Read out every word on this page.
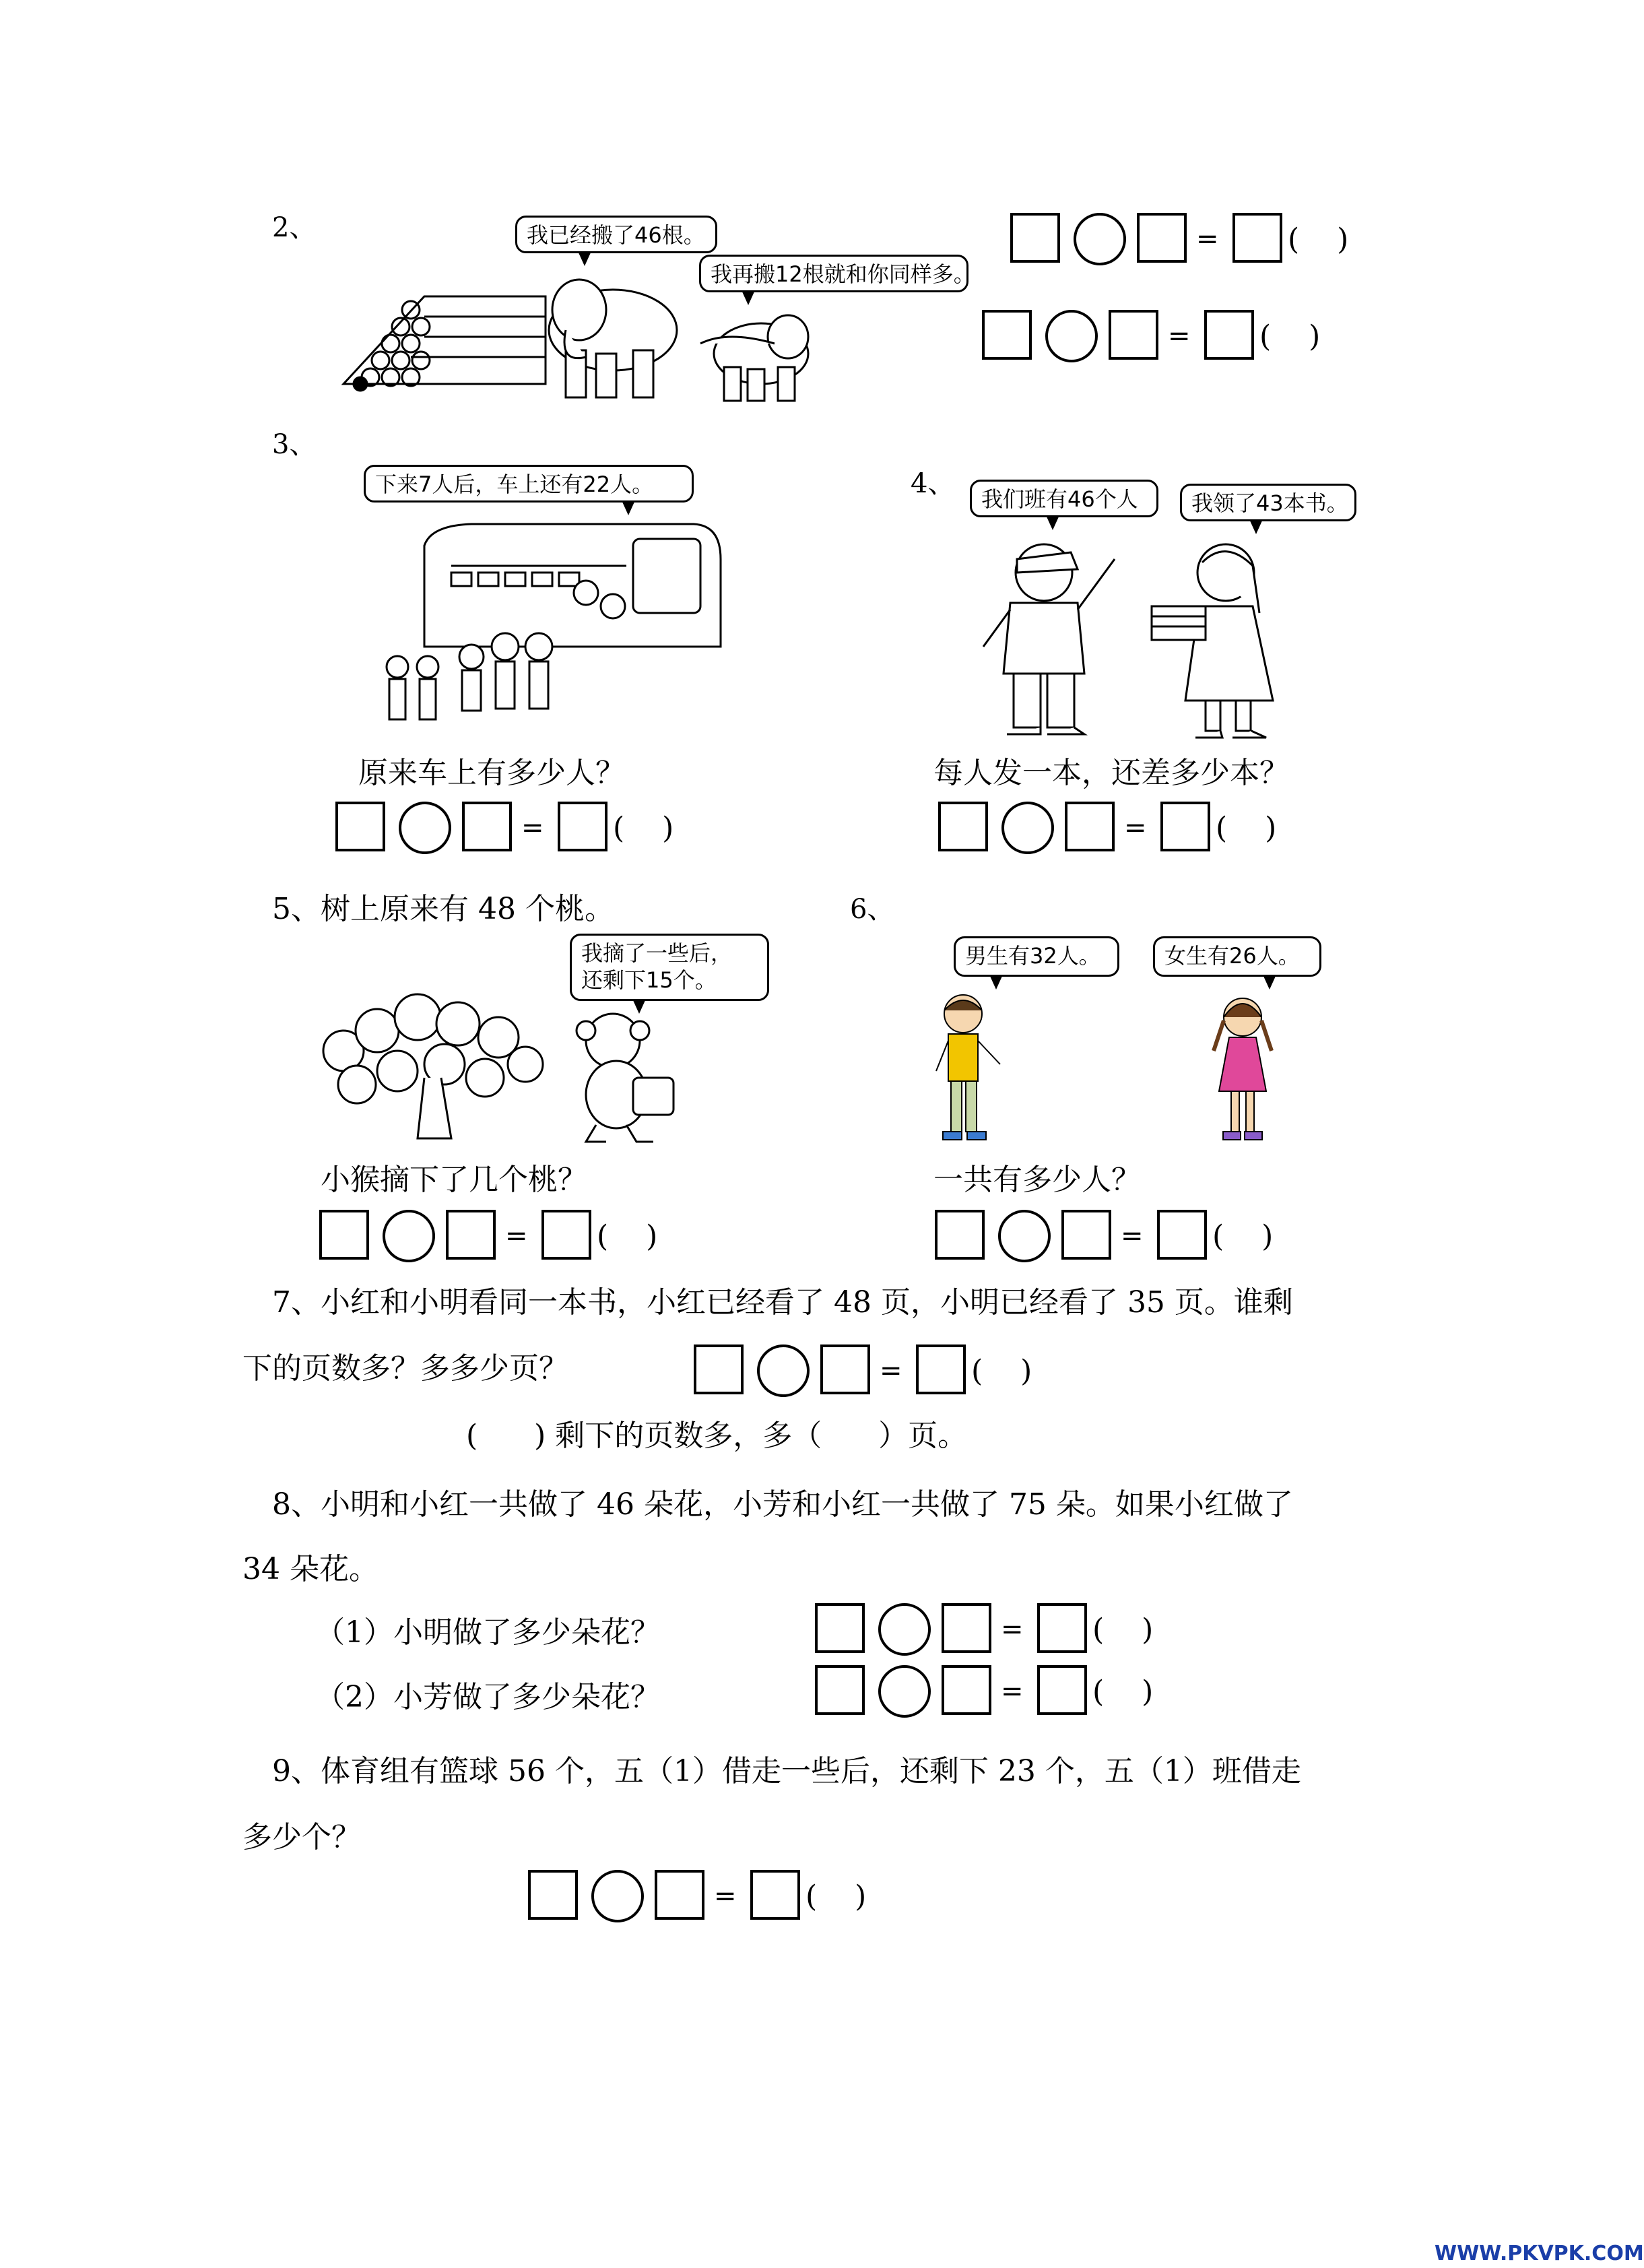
2、	我已经搬了46根。
我再搬12根就和你同样多。
= (    )
= (    )
3、
下来7人后，车上还有22人。
原来车上有多少人？
= (    )
4、	我们班有46个人	我领了43本书。
每人发一本，还差多少本？
= (    )
5、树上原来有 48 个桃。
我摘了一些后，
还剩下15个。
小猴摘下了几个桃？
= (    )
6、
男生有32人。	女生有26人。
一共有多少人？
= (    )
7、小红和小明看同一本书，小红已经看了 48 页，小明已经看了 35 页。谁剩
下的页数多？多多少页？	= (    )
(      ) 剩下的页数多，多（      ）页。
8、小明和小红一共做了 46 朵花，小芳和小红一共做了 75 朵。如果小红做了
34 朵花。
（1）小明做了多少朵花？
（2）小芳做了多少朵花？
= (    )
= (    )
9、体育组有篮球 56 个，五（1）借走一些后，还剩下 23 个，五（1）班借走
多少个？
= (    )
WWW.PKVPK.COM
